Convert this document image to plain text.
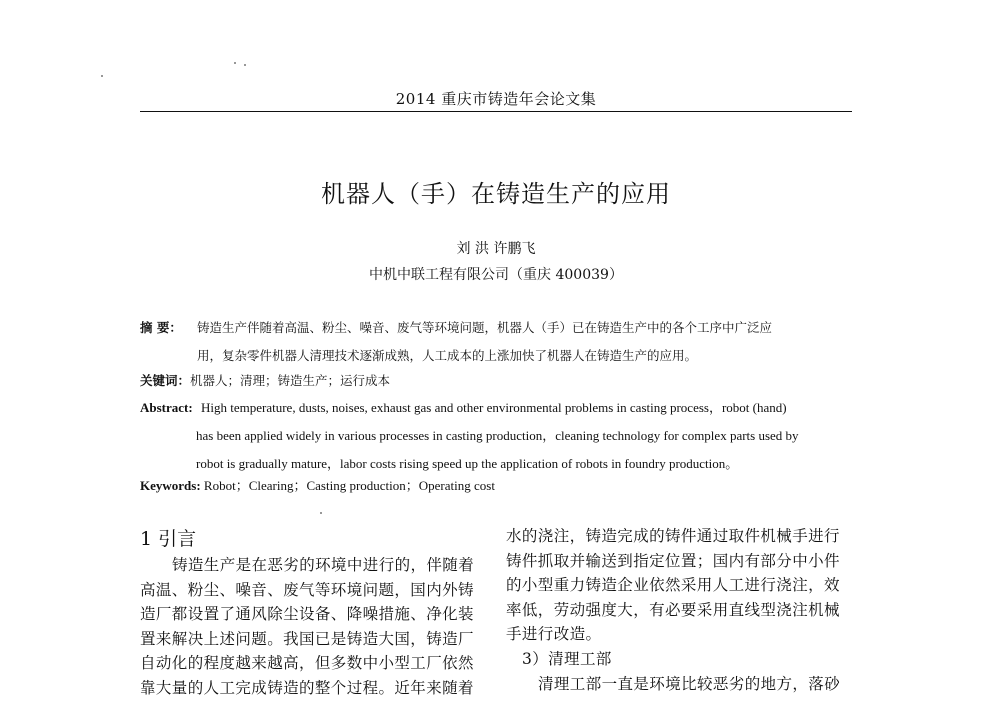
2014 重庆市铸造年会论文集
机器人（手）在铸造生产的应用
刘 洪 许鹏飞
中机中联工程有限公司（重庆 400039）
摘 要： 铸造生产伴随着高温、粉尘、噪音、废气等环境问题，机器人（手）已在铸造生产中的各个工序中广泛应
用，复杂零件机器人清理技术逐渐成熟，人工成本的上涨加快了机器人在铸造生产的应用。
关键词：机器人；清理；铸造生产；运行成本
Abstract: High temperature, dusts, noises, exhaust gas and other environmental problems in casting process，robot (hand)
has been applied widely in various processes in casting production，cleaning technology for complex parts used by
robot is gradually mature，labor costs rising speed up the application of robots in foundry production。
Keywords: Robot；Clearing；Casting production；Operating cost
1 引言
铸造生产是在恶劣的环境中进行的，伴随着
高温、粉尘、噪音、废气等环境问题，国内外铸
造厂都设置了通风除尘设备、降噪措施、净化装
置来解决上述问题。我国已是铸造大国，铸造厂
自动化的程度越来越高，但多数中小型工厂依然
靠大量的人工完成铸造的整个过程。近年来随着
水的浇注，铸造完成的铸件通过取件机械手进行
铸件抓取并输送到指定位置；国内有部分中小件
的小型重力铸造企业依然采用人工进行浇注，效
率低，劳动强度大，有必要采用直线型浇注机械
手进行改造。
3）清理工部
清理工部一直是环境比较恶劣的地方，落砂
